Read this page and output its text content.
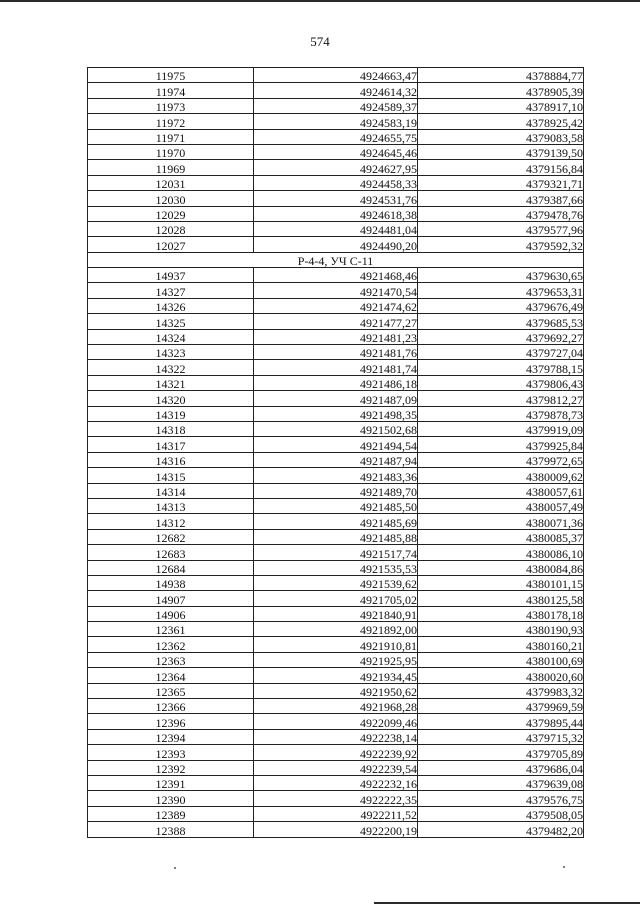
574
11975	4924663,47	4378884,77
11974	4924614,32	4378905,39
11973	4924589,37	4378917,10
11972	4924583,19	4378925,42
11971	4924655,75	4379083,58
11970	4924645,46	4379139,50
11969	4924627,95	4379156,84
12031	4924458,33	4379321,71
12030	4924531,76	4379387,66
12029	4924618,38	4379478,76
12028	4924481,04	4379577,96
12027	4924490,20	4379592,32
Р-4-4, УЧ С-11		
14937	4921468,46	4379630,65
14327	4921470,54	4379653,31
14326	4921474,62	4379676,49
14325	4921477,27	4379685,53
14324	4921481,23	4379692,27
14323	4921481,76	4379727,04
14322	4921481,74	4379788,15
14321	4921486,18	4379806,43
14320	4921487,09	4379812,27
14319	4921498,35	4379878,73
14318	4921502,68	4379919,09
14317	4921494,54	4379925,84
14316	4921487,94	4379972,65
14315	4921483,36	4380009,62
14314	4921489,70	4380057,61
14313	4921485,50	4380057,49
14312	4921485,69	4380071,36
12682	4921485,88	4380085,37
12683	4921517,74	4380086,10
12684	4921535,53	4380084,86
14938	4921539,62	4380101,15
14907	4921705,02	4380125,58
14906	4921840,91	4380178,18
12361	4921892,00	4380190,93
12362	4921910,81	4380160,21
12363	4921925,95	4380100,69
12364	4921934,45	4380020,60
12365	4921950,62	4379983,32
12366	4921968,28	4379969,59
12396	4922099,46	4379895,44
12394	4922238,14	4379715,32
12393	4922239,92	4379705,89
12392	4922239,54	4379686,04
12391	4922232,16	4379639,08
12390	4922222,35	4379576,75
12389	4922211,52	4379508,05
12388	4922200,19	4379482,20
